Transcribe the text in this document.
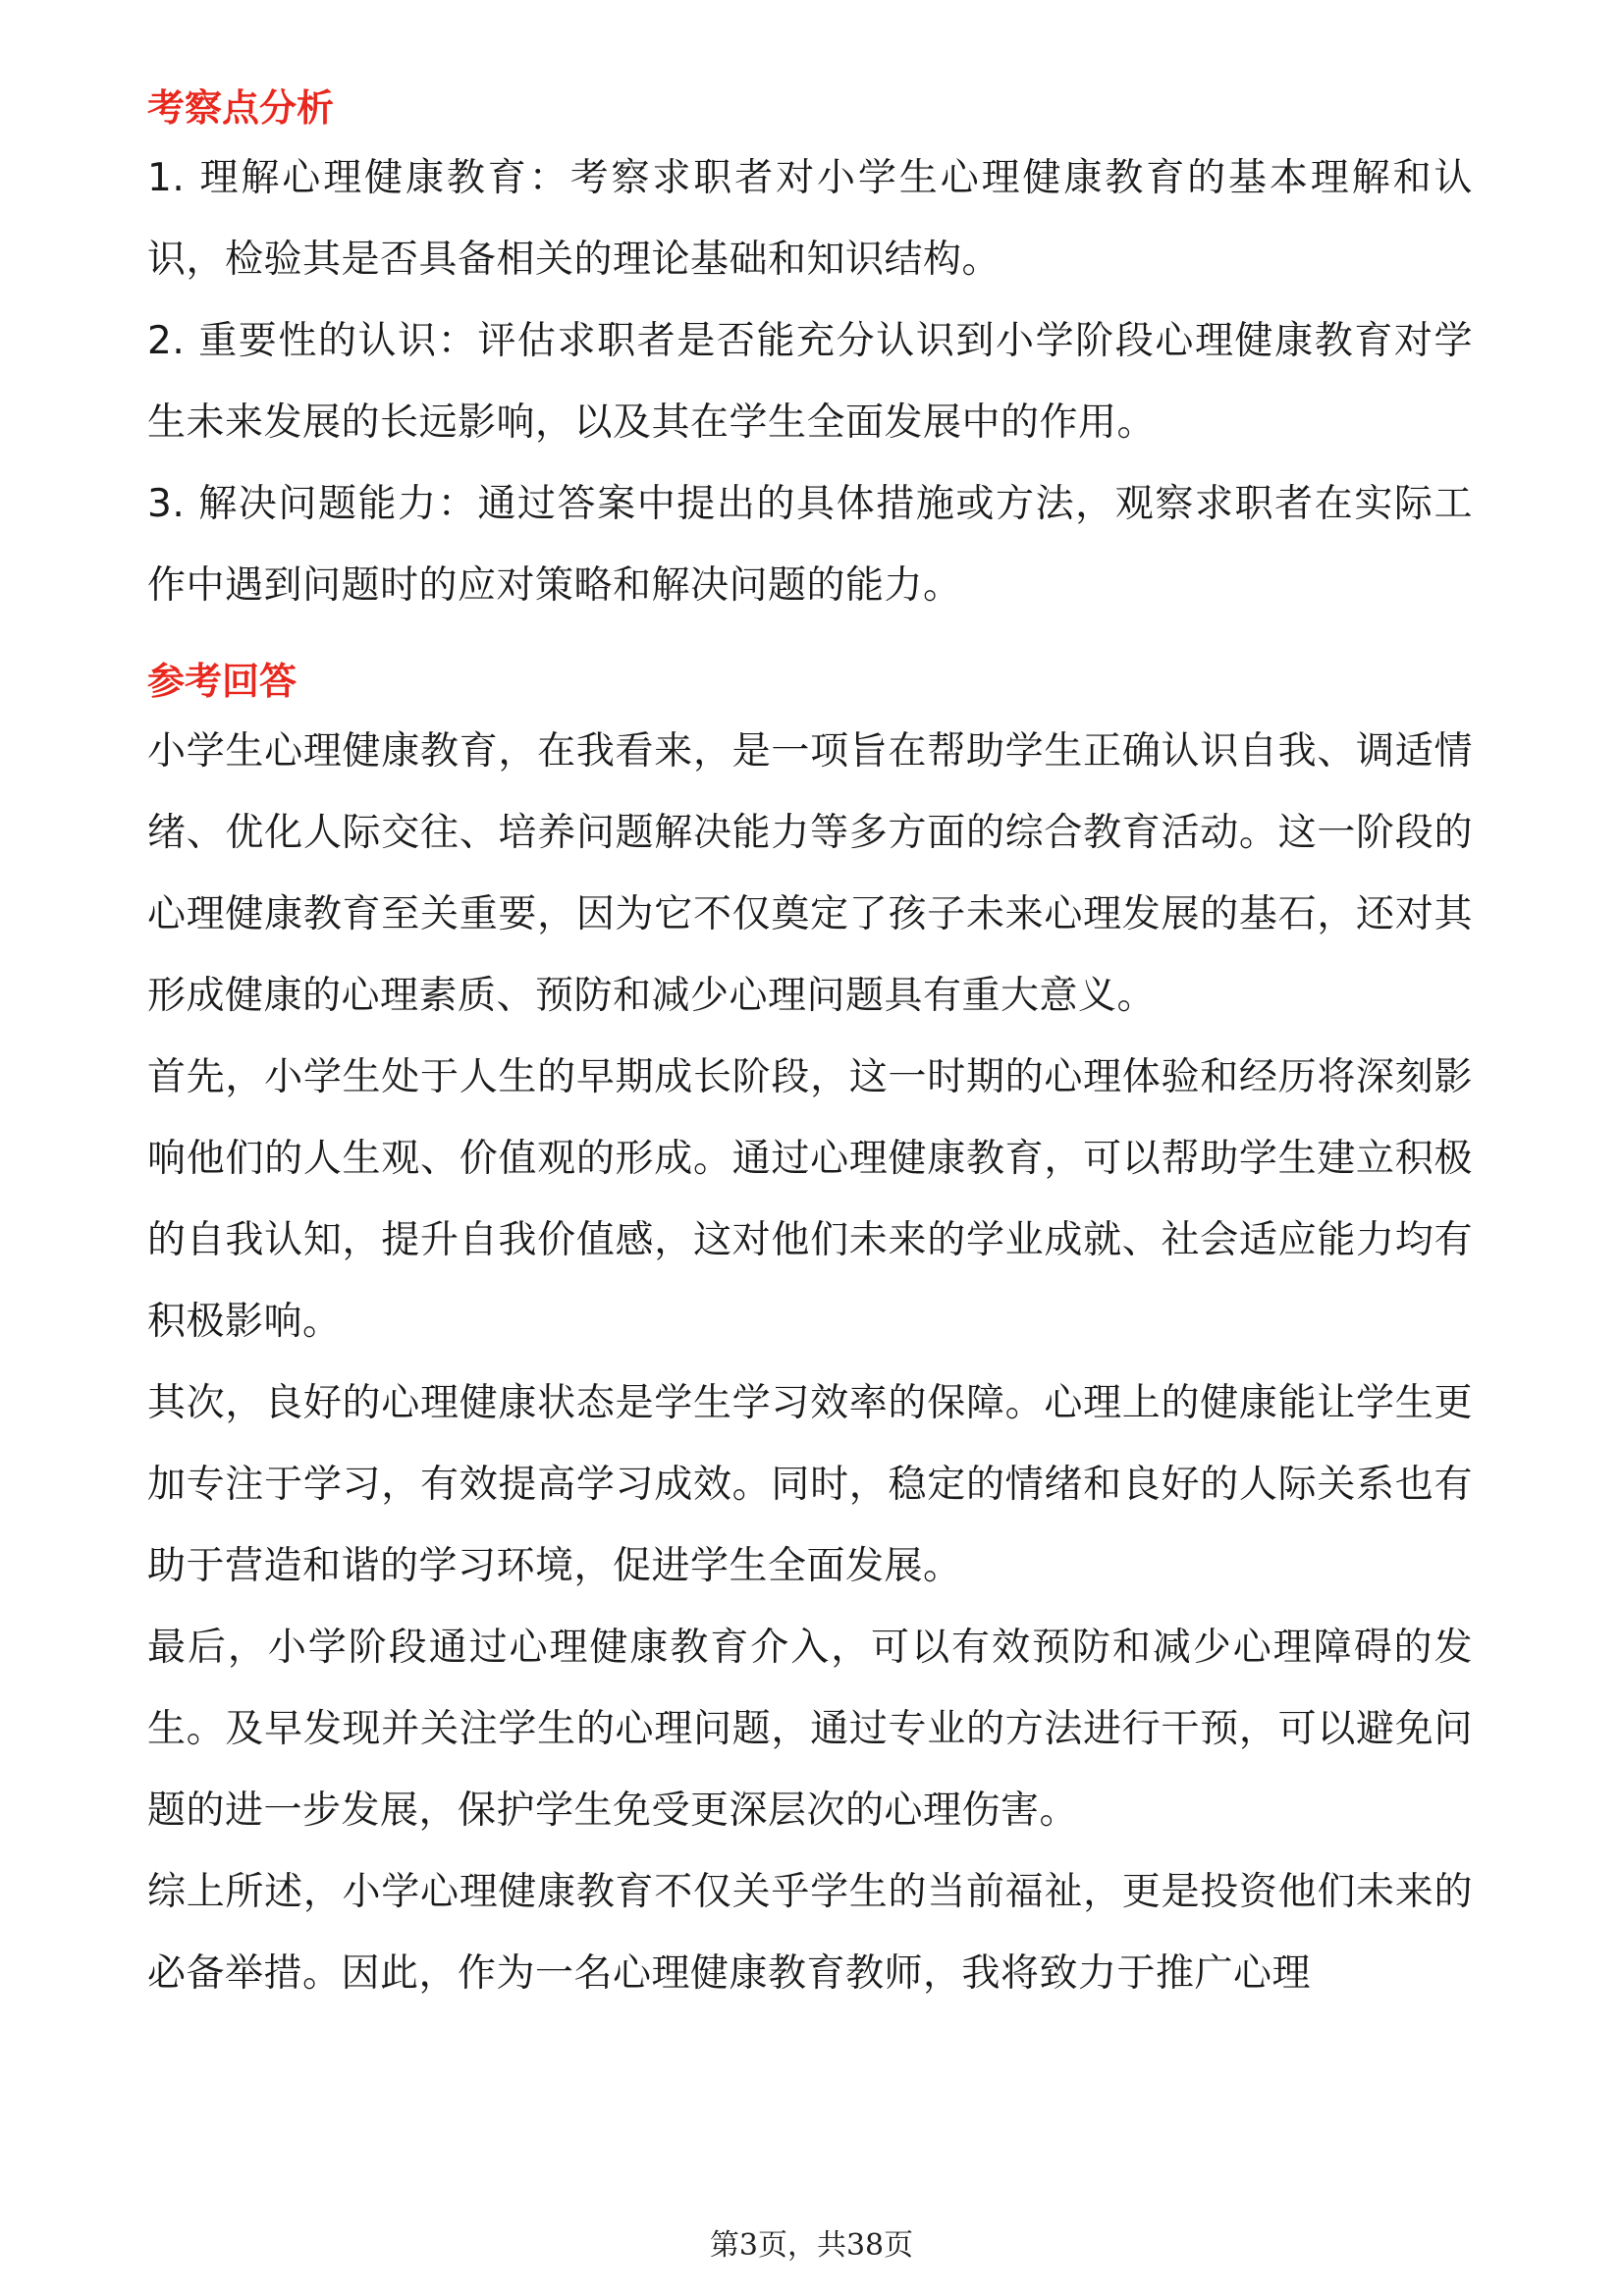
考察点分析

1. 理解心理健康教育：考察求职者对小学生心理健康教育的基本理解和认识，检验其是否具备相关的理论基础和知识结构。

2. 重要性的认识：评估求职者是否能充分认识到小学阶段心理健康教育对学生未来发展的长远影响，以及其在学生全面发展中的作用。

3. 解决问题能力：通过答案中提出的具体措施或方法，观察求职者在实际工作中遇到问题时的应对策略和解决问题的能力。

参考回答

小学生心理健康教育，在我看来，是一项旨在帮助学生正确认识自我、调适情绪、优化人际交往、培养问题解决能力等多方面的综合教育活动。这一阶段的心理健康教育至关重要，因为它不仅奠定了孩子未来心理发展的基石，还对其形成健康的心理素质、预防和减少心理问题具有重大意义。

首先，小学生处于人生的早期成长阶段，这一时期的心理体验和经历将深刻影响他们的人生观、价值观的形成。通过心理健康教育，可以帮助学生建立积极的自我认知，提升自我价值感，这对他们未来的学业成就、社会适应能力均有积极影响。

其次，良好的心理健康状态是学生学习效率的保障。心理上的健康能让学生更加专注于学习，有效提高学习成效。同时，稳定的情绪和良好的人际关系也有助于营造和谐的学习环境，促进学生全面发展。

最后，小学阶段通过心理健康教育介入，可以有效预防和减少心理障碍的发生。及早发现并关注学生的心理问题，通过专业的方法进行干预，可以避免问题的进一步发展，保护学生免受更深层次的心理伤害。

综上所述，小学心理健康教育不仅关乎学生的当前福祉，更是投资他们未来的必备举措。因此，作为一名心理健康教育教师，我将致力于推广心理

第3页，共38页
